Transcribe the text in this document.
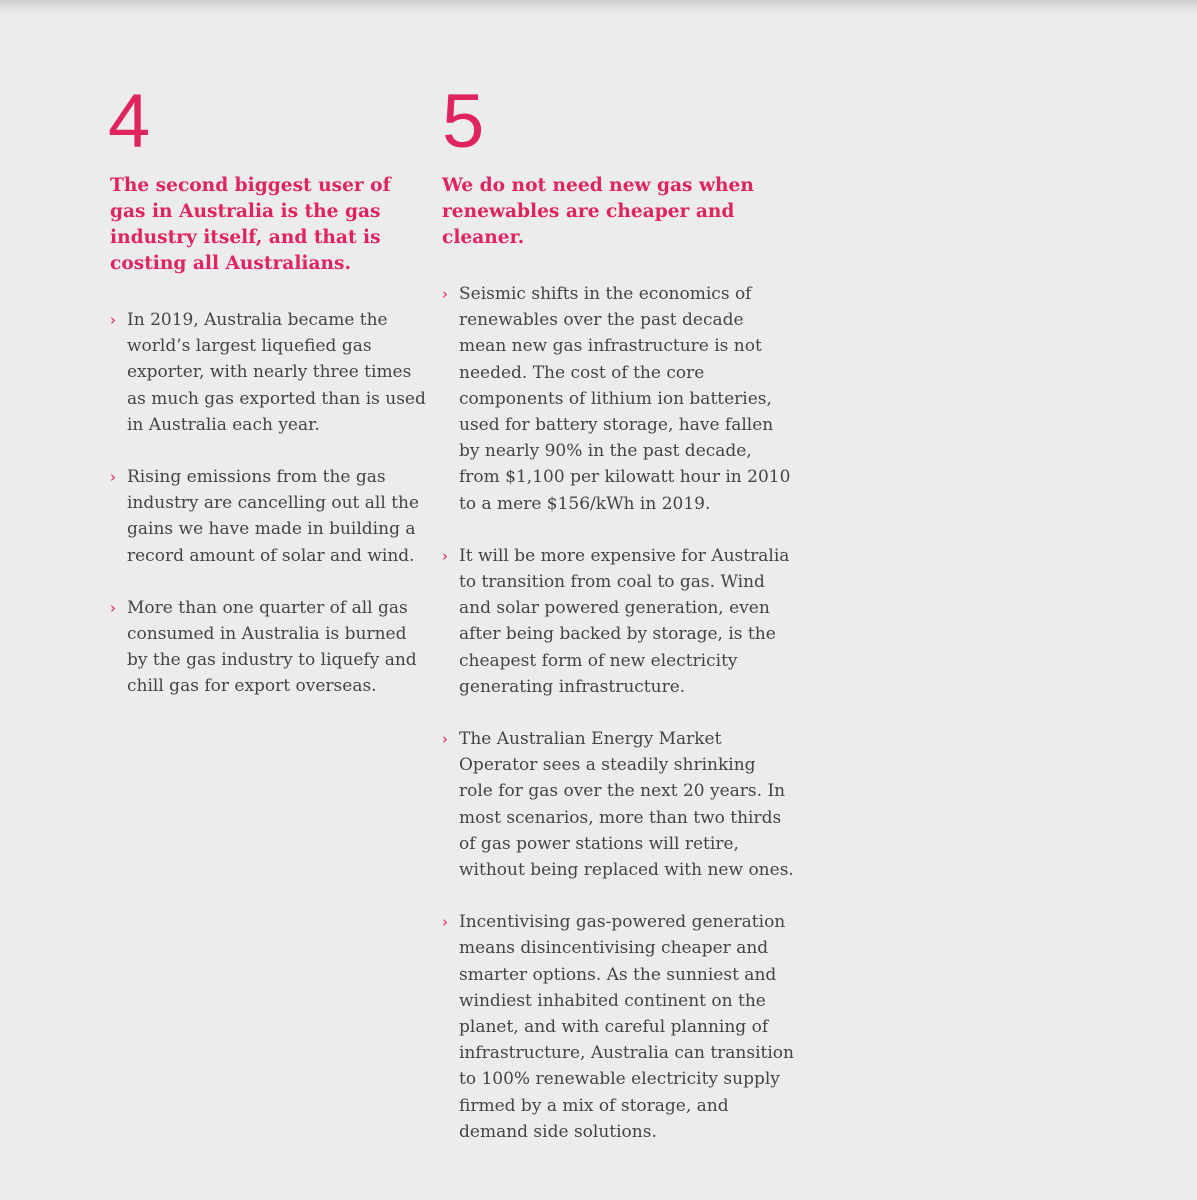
4
The second biggest user of gas in Australia is the gas industry itself, and that is costing all Australians.
› In 2019, Australia became the world’s largest liquefied gas exporter, with nearly three times as much gas exported than is used in Australia each year.
› Rising emissions from the gas industry are cancelling out all the gains we have made in building a record amount of solar and wind.
› More than one quarter of all gas consumed in Australia is burned by the gas industry to liquefy and chill gas for export overseas.
5
We do not need new gas when renewables are cheaper and cleaner.
› Seismic shifts in the economics of renewables over the past decade mean new gas infrastructure is not needed. The cost of the core components of lithium ion batteries, used for battery storage, have fallen by nearly 90% in the past decade, from $1,100 per kilowatt hour in 2010 to a mere $156/kWh in 2019.
› It will be more expensive for Australia to transition from coal to gas. Wind and solar powered generation, even after being backed by storage, is the cheapest form of new electricity generating infrastructure.
› The Australian Energy Market Operator sees a steadily shrinking role for gas over the next 20 years. In most scenarios, more than two thirds of gas power stations will retire, without being replaced with new ones.
› Incentivising gas-powered generation means disincentivising cheaper and smarter options. As the sunniest and windiest inhabited continent on the planet, and with careful planning of infrastructure, Australia can transition to 100% renewable electricity supply firmed by a mix of storage, and demand side solutions.
